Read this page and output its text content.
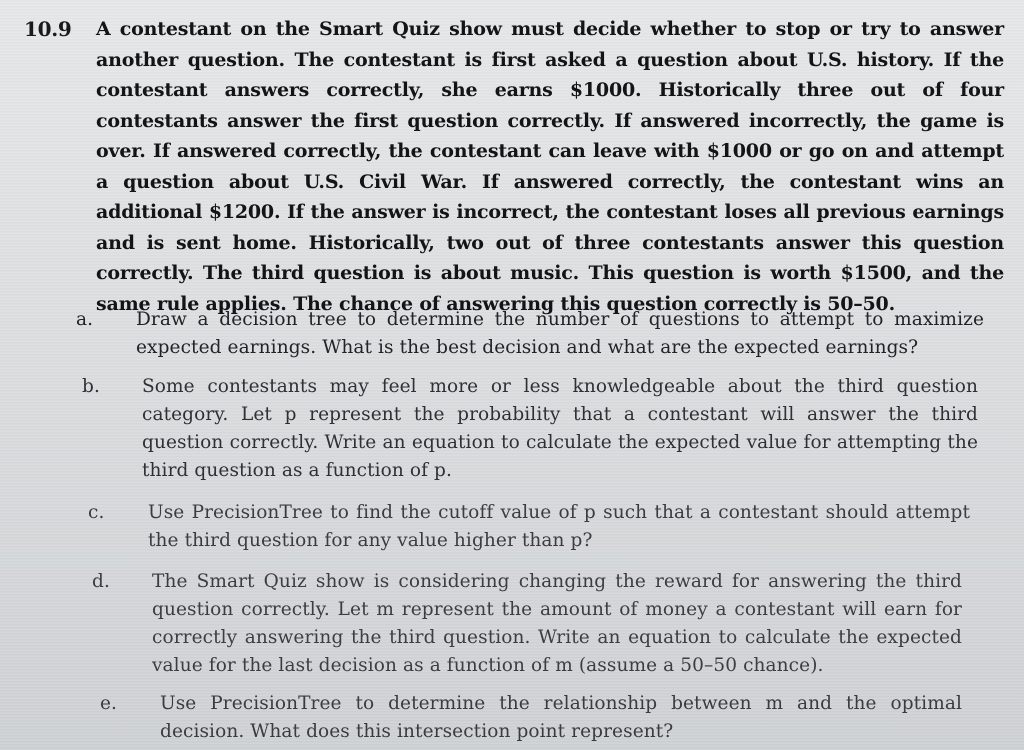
10.9 A contestant on the Smart Quiz show must decide whether to stop or try to answer another question. The contestant is first asked a question about U.S. history. If the contestant answers correctly, she earns $1000. Historically three out of four contestants answer the first question correctly. If answered incorrectly, the game is over. If answered correctly, the contestant can leave with $1000 or go on and attempt a question about U.S. Civil War. If answered correctly, the contestant wins an additional $1200. If the answer is incorrect, the contestant loses all previous earnings and is sent home. Historically, two out of three contestants answer this question correctly. The third question is about music. This question is worth $1500, and the same rule applies. The chance of answering this question correctly is 50–50.
a. Draw a decision tree to determine the number of questions to attempt to maximize expected earnings. What is the best decision and what are the expected earnings?
b. Some contestants may feel more or less knowledgeable about the third question category. Let p represent the probability that a contestant will answer the third question correctly. Write an equation to calculate the expected value for attempting the third question as a function of p.
c. Use PrecisionTree to find the cutoff value of p such that a contestant should attempt the third question for any value higher than p?
d. The Smart Quiz show is considering changing the reward for answering the third question correctly. Let m represent the amount of money a contestant will earn for correctly answering the third question. Write an equation to calculate the expected value for the last decision as a function of m (assume a 50–50 chance).
e. Use PrecisionTree to determine the relationship between m and the optimal decision. What does this intersection point represent?
